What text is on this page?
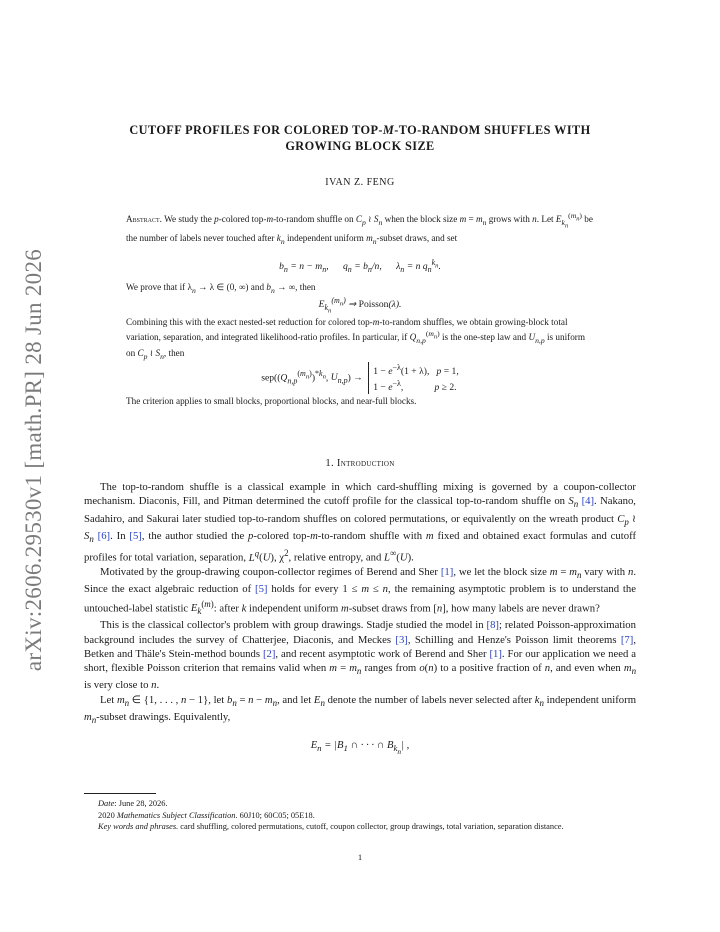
arXiv:2606.29530v1 [math.PR] 28 Jun 2026
CUTOFF PROFILES FOR COLORED TOP-M-TO-RANDOM SHUFFLES WITH
GROWING BLOCK SIZE
IVAN Z. FENG
Abstract. We study the p-colored top-m-to-random shuffle on $C_p$ ≀ $S_n$ when the block size $m = m_n$ grows with n. Let $E_{k_n}^{(m_n)}$ be the number of labels never touched after $k_n$ independent uniform $m_n$-subset draws, and set
$b_n = n - m_n$,      $q_n = b_n/n$,      $\lambda_n = n$ $q_n^{k_n}$.
We prove that if $\lambda_n \to \lambda$ ∈ (0, ∞) and $b_n$ → ∞, then
$E_{k_n}^{(m_n)}$ ⇒ Poisson(λ).
Combining this with the exact nested-set reduction for colored top-m-to-random shuffles, we obtain growing-block total variation, separation, and integrated likelihood-ratio profiles. In particular, if $Q_{n,p}^{(m_n)}$ is the one-step law and $U_{n,p}$ is uniform on $C_p$ ≀ $S_n$, then
$sep((Q_{n,p}^{(m_n)})^{*k_n}$, $U_{n,p}) \to 1 - e^{-\lambda}(1 + \lambda)$,   p = 1,
$1 - e^{-\lambda}$,             p ≥ 2.
The criterion applies to small blocks, proportional blocks, and near-full blocks.
1. Introduction

The top-to-random shuffle is a classical example in which card-shuffling mixing is governed by a coupon-collector mechanism. Diaconis, Fill, and Pitman determined the cutoff profile for the classical top-to-random shuffle on $S_n$ [4]. Nakano, Sadahiro, and Sakurai later studied top-to-random shuffles on colored permutations, or equivalently on the wreath product $C_p$ ≀ $S_n$ [6]. In [5], the author studied the p-colored top-m-to-random shuffle with m fixed and obtained exact formulas and cutoff profiles for total variation, separation, $L^q(U)$, $\chi^2$, relative entropy, and L∞(U).

Motivated by the group-drawing coupon-collector regimes of Berend and Sher [1], we let the block size $m = m_n$ vary with n. Since the exact algebraic reduction of [5] holds for every 1 ≤ m ≤ n, the remaining asymptotic problem is to understand the untouched-label statistic $E_k^{(m)}$: after k independent uniform m-subset draws from [n], how many labels are never drawn?

This is the classical collector's problem with group drawings. Stadje studied the model in [8]; related Poisson-approximation background includes the survey of Chatterjee, Diaconis, and Meckes [3], Schilling and Henze's Poisson limit theorems [7], Betken and Thäle's Stein-method bounds [2], and recent asymptotic work of Berend and Sher [1]. For our application we need a short, flexible Poisson criterion that remains valid when $m = m_n$ ranges from o(n) to a positive fraction of n, and even when $m_n$ is very close to n.

Let $m_n$ ∈ {1, . . . , n − 1}, let $b_n = n - m_n$, and let $E_n$ denote the number of labels never selected after $k_n$ independent uniform $m_n$-subset drawings. Equivalently,

$E_n = |B_1$ ∩ · · · ∩ $B_{k_n}|$ ,
Date: June 28, 2026.
2020 Mathematics Subject Classification. 60J10; 60C05; 05E18.
Key words and phrases. card shuffling, colored permutations, cutoff, coupon collector, group drawings, total variation, separation distance.
1
